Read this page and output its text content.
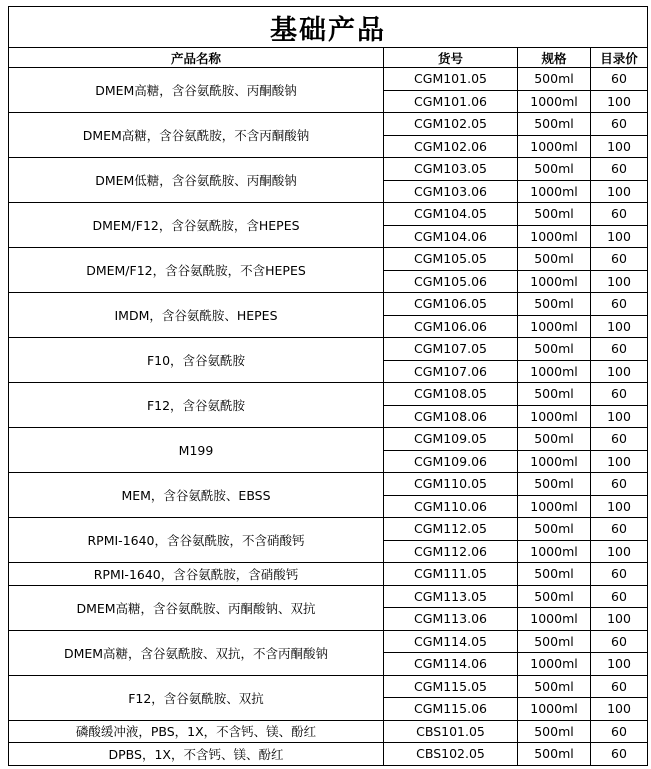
基础产品			
产品名称	货号	规格	目录价
DMEM高糖，含谷氨酰胺、丙酮酸钠	CGM101.05	500ml	60
	CGM101.06	1000ml	100
DMEM高糖，含谷氨酰胺，不含丙酮酸钠	CGM102.05	500ml	60
	CGM102.06	1000ml	100
DMEM低糖，含谷氨酰胺、丙酮酸钠	CGM103.05	500ml	60
	CGM103.06	1000ml	100
DMEM/F12，含谷氨酰胺，含HEPES	CGM104.05	500ml	60
	CGM104.06	1000ml	100
DMEM/F12，含谷氨酰胺，不含HEPES	CGM105.05	500ml	60
	CGM105.06	1000ml	100
IMDM，含谷氨酰胺、HEPES	CGM106.05	500ml	60
	CGM106.06	1000ml	100
F10，含谷氨酰胺	CGM107.05	500ml	60
	CGM107.06	1000ml	100
F12，含谷氨酰胺	CGM108.05	500ml	60
	CGM108.06	1000ml	100
M199	CGM109.05	500ml	60
	CGM109.06	1000ml	100
MEM，含谷氨酰胺、EBSS	CGM110.05	500ml	60
	CGM110.06	1000ml	100
RPMI-1640，含谷氨酰胺，不含硝酸钙	CGM112.05	500ml	60
	CGM112.06	1000ml	100
RPMI-1640，含谷氨酰胺，含硝酸钙	CGM111.05	500ml	60
DMEM高糖，含谷氨酰胺、丙酮酸钠、双抗	CGM113.05	500ml	60
	CGM113.06	1000ml	100
DMEM高糖，含谷氨酰胺、双抗，不含丙酮酸钠	CGM114.05	500ml	60
	CGM114.06	1000ml	100
F12，含谷氨酰胺、双抗	CGM115.05	500ml	60
	CGM115.06	1000ml	100
磷酸缓冲液，PBS，1X，不含钙、镁、酚红	CBS101.05	500ml	60
DPBS，1X，不含钙、镁、酚红	CBS102.05	500ml	60
